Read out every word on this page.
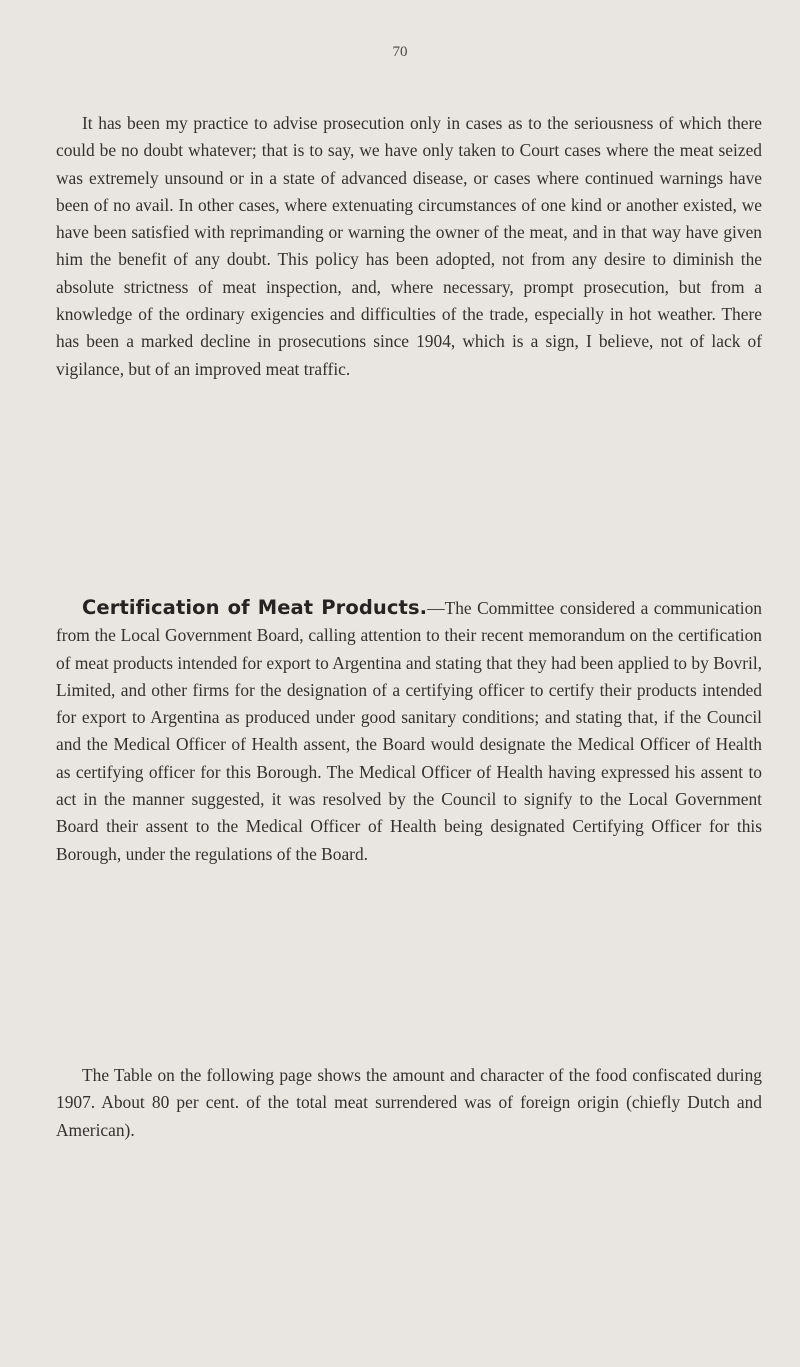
70

It has been my practice to advise prosecution only in cases as to the seriousness of which there could be no doubt whatever; that is to say, we have only taken to Court cases where the meat seized was extremely unsound or in a state of advanced disease, or cases where continued warnings have been of no avail. In other cases, where extenuating circumstances of one kind or another existed, we have been satisfied with reprimanding or warning the owner of the meat, and in that way have given him the benefit of any doubt. This policy has been adopted, not from any desire to diminish the absolute strictness of meat inspection, and, where necessary, prompt prosecution, but from a knowledge of the ordinary exigencies and difficulties of the trade, especially in hot weather. There has been a marked decline in prosecutions since 1904, which is a sign, I believe, not of lack of vigilance, but of an improved meat traffic.

Certification of Meat Products.—The Committee considered a communication from the Local Government Board, calling attention to their recent memorandum on the certification of meat products intended for export to Argentina and stating that they had been applied to by Bovril, Limited, and other firms for the designation of a certifying officer to certify their products intended for export to Argentina as produced under good sanitary conditions; and stating that, if the Council and the Medical Officer of Health assent, the Board would designate the Medical Officer of Health as certifying officer for this Borough. The Medical Officer of Health having expressed his assent to act in the manner suggested, it was resolved by the Council to signify to the Local Government Board their assent to the Medical Officer of Health being designated Certifying Officer for this Borough, under the regulations of the Board.

The Table on the following page shows the amount and character of the food confiscated during 1907. About 80 per cent. of the total meat surrendered was of foreign origin (chiefly Dutch and American).
